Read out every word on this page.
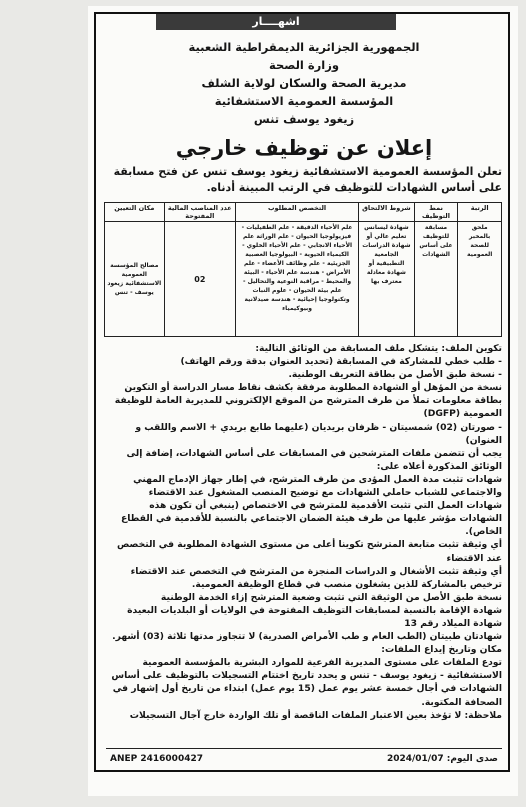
اشهــــار
الجمهورية الجزائرية الديمقراطية الشعبية
وزارة الصحة
مديرية الصحة والسكان لولاية الشلف
المؤسسة العمومية الاستشفائية
زيغود يوسف تنس
إعلان عن توظيف خارجي
تعلن المؤسسة العمومية الاستشفائية زيغود يوسف تنس عن فتح مسابقة على أساس الشهادات للتوظيف في الرتب المبينة أدناه.
الرتبة	نمط التوظيف	شروط الالتحاق	التخصص المطلوب	عدد المناصب المالية المفتوحة	مكان التعيين
ملحق بالمخبر للصحة العمومية	مسابقة للتوظيف على أساس الشهادات	شهادة ليسانس تعليم عالي أو شهادة الدراسات الجامعية التطبيقية أو شهادة معادلة معترف بها	علم الأحياء الدقيقة - علم الطفيليات - فيزيولوجيا الحيوان - علم الوراثة علم الأحياء الانجابي - علم الأحياء الخلوي - الكيمياء الحيوية - البيولوجيا العصبية الجزيئية - علم وظائف الأعضاء - علم الأمراض - هندسة علم الأحياء - البيئة والمحيط - مراقبة النوعية والتحاليل - علم بيئة الحيوان - علوم النبات وتكنولوجيا إحيائية - هندسة صيدلانية وبيوكيمياء	02	مصالح المؤسسة العمومية الاستشفائية زيغود يوسف - تنس

تكوين الملف: يتشكل ملف المسابقة من الوثائق التالية:

- طلب خطي للمشاركة في المسابقة (تحديد العنوان بدقة ورقم الهاتف)

- نسخة طبق الأصل من بطاقة التعريف الوطنية.

نسخة من المؤهل أو الشهادة المطلوبة مرفقة بكشف نقاط مسار الدراسة أو التكوين

بطاقة معلومات تملأ من طرف المترشح من الموقع الإلكتروني للمديرية العامة للوظيفة العمومية (DGFP)

- صورتان (02) شمسيتان - ظرفان بريديان (عليهما طابع بريدي + الاسم واللقب و العنوان)

يجب أن تتضمن ملفات المترشحين في المسابقات على أساس الشهادات، إضافة إلى الوثائق المذكورة أعلاه على:

شهادات تثبت مدة العمل المؤدى من طرف المترشح، في إطار جهاز الإدماج المهني والاجتماعي للشباب حاملي الشهادات مع توضيح المنصب المشغول عند الاقتضاء

شهادات العمل التي تثبت الأقدمية للمترشح في الاختصاص (ينبغي أن تكون هذه الشهادات مؤشر عليها من طرف هيئة الضمان الاجتماعي بالنسبة للأقدمية في القطاع الخاص).

أي وثيقة تثبت متابعة المترشح تكوينا أعلى من مستوى الشهادة المطلوبة في التخصص عند الاقتضاء

أي وثيقة تثبت الأشغال و الدراسات المنجزة من المترشح في التخصص عند الاقتضاء

ترخيص بالمشاركة للذين يشغلون منصب في قطاع الوظيفة العمومية.

نسخة طبق الأصل من الوثيقة التي تثبت وضعية المترشح إزاء الخدمة الوطنية

شهادة الإقامة بالنسبة لمسابقات التوظيف المفتوحة في الولايات أو البلديات البعيدة

شهادة الميلاد رقم 13

شهادتان طبيتان (الطب العام و طب الأمراض الصدرية) لا تتجاوز مدتها ثلاثة (03) أشهر.

مكان وتاريخ إيداع الملفات:

تودع الملفات على مستوى المديرية الفرعية للموارد البشرية بالمؤسسة العمومية الاستشفائية - زيغود يوسف - تنس و يحدد تاريخ اختتام التسجيلات بالتوظيف على أساس الشهادات في أجال خمسة عشر يوم عمل (15 يوم عمل) ابتداء من تاريخ أول إشهار في الصحافة المكتوبة.

ملاحظة: لا تؤخذ بعين الاعتبار الملفات الناقصة أو تلك الواردة خارج آجال التسجيلات

ANEP 2416000427	صدى اليوم: 2024/01/07
